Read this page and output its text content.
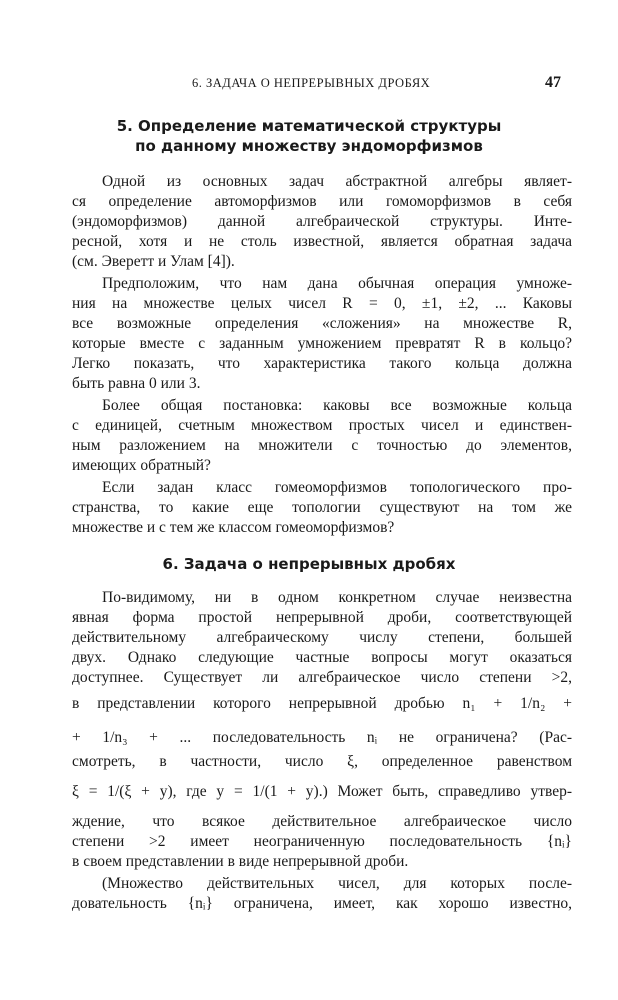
6. ЗАДАЧА О НЕПРЕРЫВНЫХ ДРОБЯХ	47
5. Определение математической структуры
по данному множеству эндоморфизмов
Одной из основных задач абстрактной алгебры являет-
ся определение автоморфизмов или гомоморфизмов в себя
(эндоморфизмов) данной алгебраической структуры. Инте-
ресной, хотя и не столь известной, является обратная задача
(см. Эверетт и Улам [4]).
Предположим, что нам дана обычная операция умноже-
ния на множестве целых чисел R = 0, ±1, ±2, ... Каковы
все возможные определения «сложения» на множестве R,
которые вместе с заданным умножением превратят R в кольцо?
Легко показать, что характеристика такого кольца должна
быть равна 0 или 3.
Более общая постановка: каковы все возможные кольца
с единицей, счетным множеством простых чисел и единствен-
ным разложением на множители с точностью до элементов,
имеющих обратный?
Если задан класс гомеоморфизмов топологического про-
странства, то какие еще топологии существуют на том же
множестве и с тем же классом гомеоморфизмов?
6. Задача о непрерывных дробях
По-видимому, ни в одном конкретном случае неизвестна
явная форма простой непрерывной дроби, соответствующей
действительному алгебраическому числу степени, большей
двух. Однако следующие частные вопросы могут оказаться
доступнее. Существует ли алгебраическое число степени >2,
в представлении которого непрерывной дробью n₁ + 1/n₂ +
+ 1/n₃ + ... последовательность nᵢ не ограничена? (Рас-
смотреть, в частности, число ξ, определенное равенством
ξ = 1/(ξ + y), где y = 1/(1 + y).) Может быть, справедливо утвер-
ждение, что всякое действительное алгебраическое число
степени >2 имеет неограниченную последовательность {nᵢ}
в своем представлении в виде непрерывной дроби.
(Множество действительных чисел, для которых после-
довательность {nᵢ} ограничена, имеет, как хорошо известно,
